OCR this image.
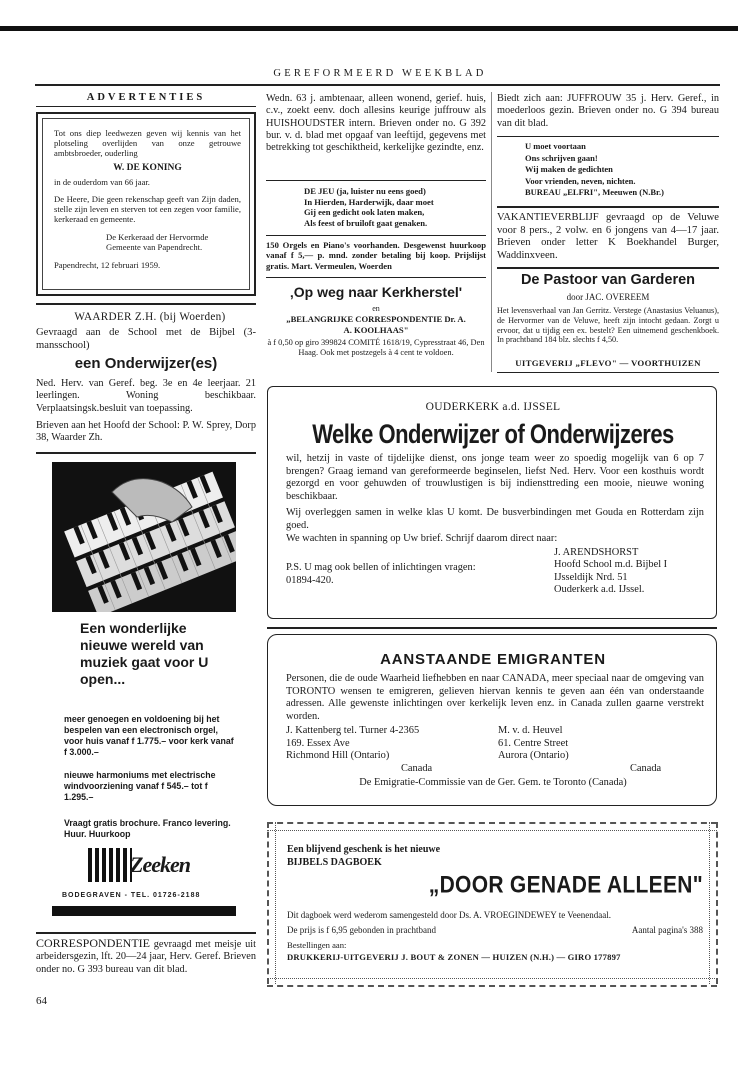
GEREFORMEERD WEEKBLAD
ADVERTENTIES
Tot ons diep leedwezen geven wij kennis van het plotseling overlijden van onze getrouwe ambtsbroeder, ouderling
W. DE KONING
in de ouderdom van 66 jaar.
De Heere, Die geen rekenschap geeft van Zijn daden, stelle zijn leven en sterven tot een zegen voor familie, kerkeraad en gemeente.
De Kerkeraad der Hervormde Gemeente van Papendrecht.
Papendrecht, 12 februari 1959.
WAARDER Z.H. (bij Woerden)
Gevraagd aan de School met de Bijbel (3-mansschool)
een Onderwijzer(es)
Ned. Herv. van Geref. beg. 3e en 4e leerjaar. 21 leerlingen. Woning beschikbaar. Verplaatsingsk.besluit van toepassing.
Brieven aan het Hoofd der School: P. W. Sprey, Dorp 38, Waarder Zh.
Een wonderlijke nieuwe wereld van muziek gaat voor U open...
meer genoegen en voldoening bij het bespelen van een electronisch orgel, voor huis vanaf f 1.775.– voor kerk vanaf f 3.000.–
nieuwe harmoniums met electrische windvoorziening vanaf f 545.– tot f 1.295.–
Vraagt gratis brochure. Franco levering. Huur. Huurkoop
Zeeken
BODEGRAVEN - TEL. 01726-2188
CORRESPONDENTIE gevraagd met meisje uit arbeidersgezin, lft. 20—24 jaar, Herv. Geref. Brieven onder no. G 393 bureau van dit blad.
64
Wedn. 63 j. ambtenaar, alleen wonend, gerief. huis, c.v., zoekt eenv. doch allesins keurige juffrouw als HUISHOUDSTER intern. Brieven onder no. G 392 bur. v. d. blad met opgaaf van leeftijd, gegevens met betrekking tot geschiktheid, kerkelijke gezindte, enz.
DE JEU (ja, luister nu eens goed)
In Hierden, Harderwijk, daar moet
Gij een gedicht ook laten maken,
Als feest of bruiloft gaat genaken.
150 Orgels en Piano's voorhanden. Desgewenst huurkoop vanaf f 5,— p. mnd. zonder betaling bij koop. Prijslijst gratis. Mart. Vermeulen, Woerden
‚Op weg naar Kerkherstel'
en
„BELANGRIJKE CORRESPONDENTIE Dr. A. A. KOOLHAAS"
à f 0,50 op giro 399824 COMITÉ 1618/19, Cypresstraat 46, Den Haag. Ook met postzegels à 4 cent te voldoen.
Biedt zich aan: JUFFROUW 35 j. Herv. Geref., in moederloos gezin. Brieven onder no. G 394 bureau van dit blad.
U moet voortaan
Ons schrijven gaan!
Wij maken de gedichten
Voor vrienden, neven, nichten.
BUREAU „ELFRI", Meeuwen (N.Br.)
VAKANTIEVERBLIJF gevraagd op de Veluwe voor 8 pers., 2 volw. en 6 jongens van 4—17 jaar. Brieven onder letter K Boekhandel Burger, Waddinxveen.
De Pastoor van Garderen
door JAC. OVEREEM
Het levensverhaal van Jan Gerritz. Verstege (Anastasius Veluanus), de Hervormer van de Veluwe, heeft zijn intocht gedaan. Zorgt u ervoor, dat u tijdig een ex. bestelt? Een uitnemend geschenkboek. In prachtband 184 blz. slechts f 4,50.
UITGEVERIJ „FLEVO" — VOORTHUIZEN
OUDERKERK a.d. IJSSEL
Welke Onderwijzer of Onderwijzeres
wil, hetzij in vaste of tijdelijke dienst, ons jonge team weer zo spoedig mogelijk van 6 op 7 brengen? Graag iemand van gereformeerde beginselen, liefst Ned. Herv. Voor een kosthuis wordt gezorgd en voor gehuwden of trouwlustigen is bij indiensttreding een mooie, nieuwe woning beschikbaar.
Wij overleggen samen in welke klas U komt. De busverbindingen met Gouda en Rotterdam zijn goed.
We wachten in spanning op Uw brief. Schrijf daarom direct naar:
P.S. U mag ook bellen of inlichtingen vragen: 01894-420.
J. ARENDSHORST
Hoofd School m.d. Bijbel I
IJsseldijk Nrd. 51
Ouderkerk a.d. IJssel.
AANSTAANDE EMIGRANTEN
Personen, die de oude Waarheid liefhebben en naar CANADA, meer speciaal naar de omgeving van TORONTO wensen te emigreren, gelieven hiervan kennis te geven aan één van onderstaande adressen. Alle gewenste inlichtingen over kerkelijk leven enz. in Canada zullen gaarne verstrekt worden.
J. Kattenberg tel. Turner 4-2365
169. Essex Ave
Richmond Hill (Ontario)
Canada
M. v. d. Heuvel
61. Centre Street
Aurora (Ontario)
Canada
De Emigratie-Commissie van de Ger. Gem. te Toronto (Canada)
Een blijvend geschenk is het nieuwe BIJBELS DAGBOEK
„DOOR GENADE ALLEEN"
Dit dagboek werd wederom samengesteld door Ds. A. VROEGINDEWEY te Veenendaal.
De prijs is f 6,95 gebonden in prachtband	Aantal pagina's 388
Bestellingen aan:
DRUKKERIJ-UITGEVERIJ J. BOUT & ZONEN — HUIZEN (N.H.) — GIRO 177897
